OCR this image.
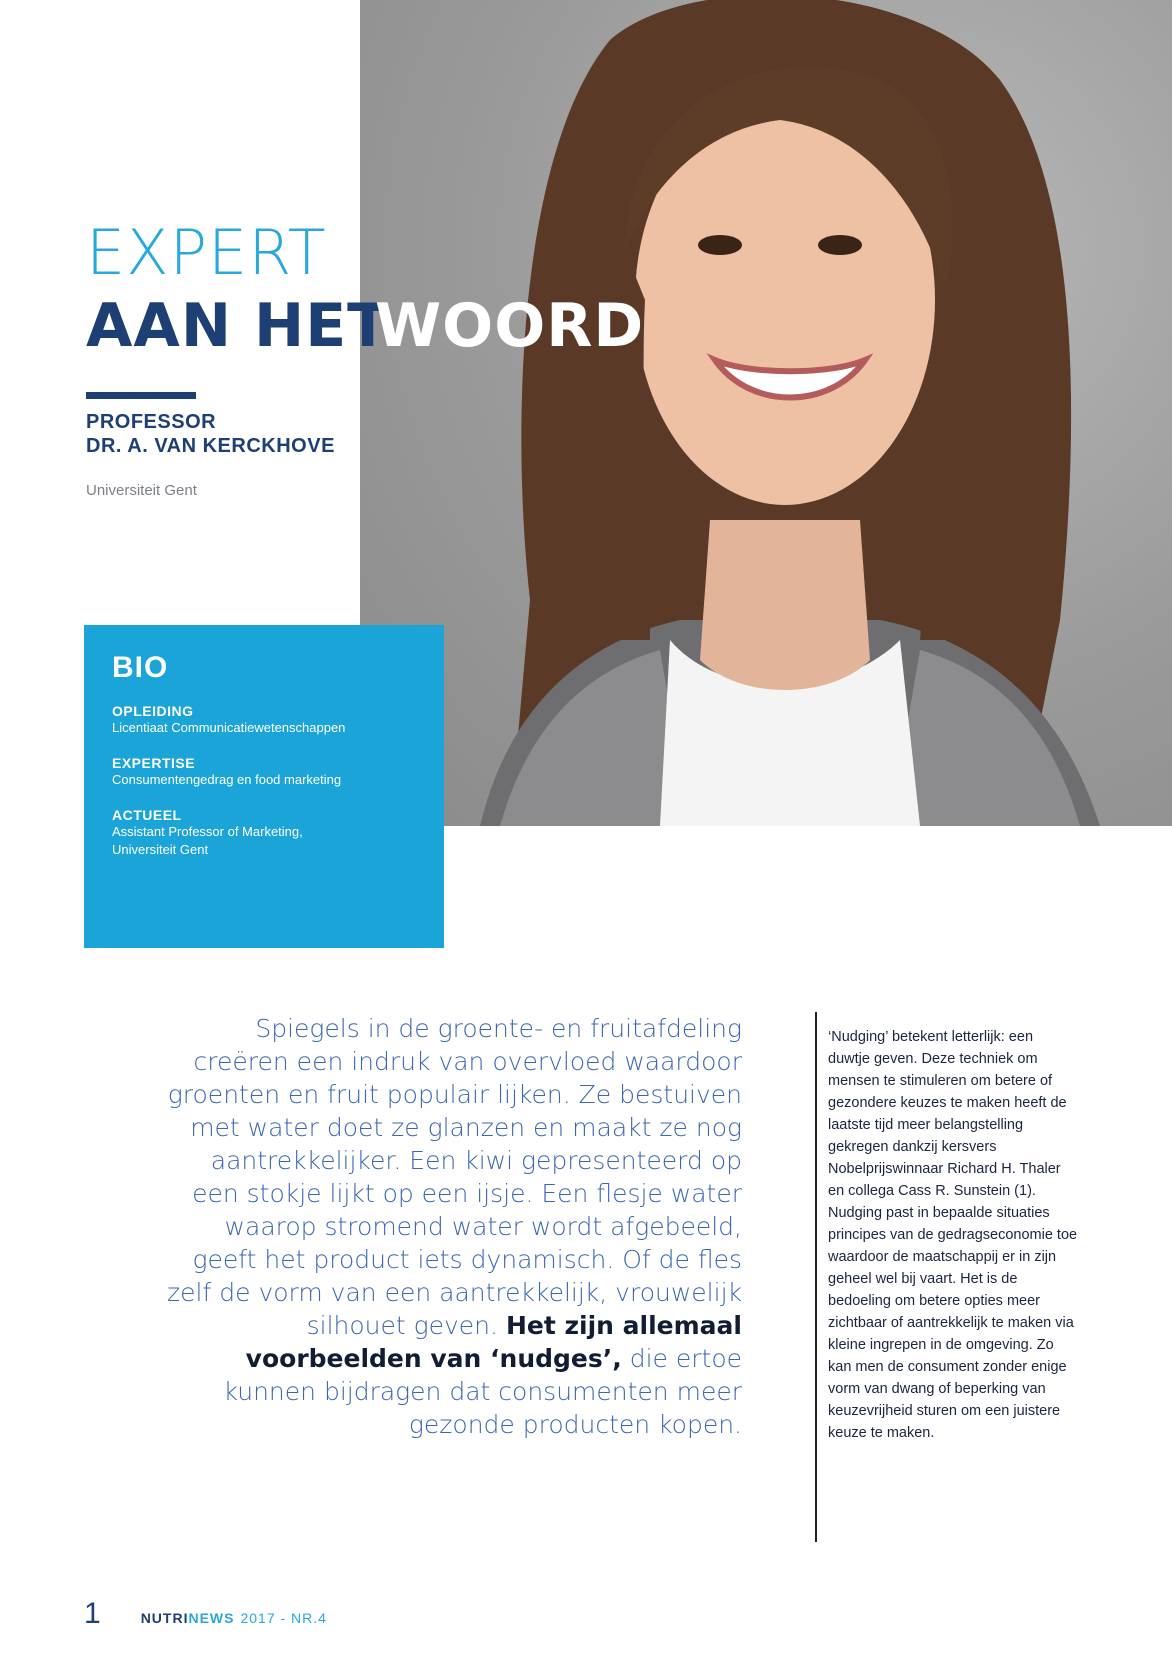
EXPERT
AAN HET
WOORD
PROFESSOR
DR. A. VAN KERCKHOVE
Universiteit Gent
BIO
OPLEIDING
Licentiaat Communicatiewetenschappen
EXPERTISE
Consumentengedrag en food marketing
ACTUEEL
Assistant Professor of Marketing, Universiteit Gent
Spiegels in de groente- en fruitafdeling creëren een indruk van overvloed waardoor groenten en fruit populair lijken. Ze bestuiven met water doet ze glanzen en maakt ze nog aantrekkelijker. Een kiwi gepresenteerd op een stokje lijkt op een ijsje. Een flesje water waarop stromend water wordt afgebeeld, geeft het product iets dynamisch. Of de fles zelf de vorm van een aantrekkelijk, vrouwelijk silhouet geven. Het zijn allemaal voorbeelden van ‘nudges’, die ertoe kunnen bijdragen dat consumenten meer gezonde producten kopen.
‘Nudging’ betekent letterlijk: een duwtje geven. Deze techniek om mensen te stimuleren om betere of gezondere keuzes te maken heeft de laatste tijd meer belangstelling gekregen dankzij kersvers Nobelprijswinnaar Richard H. Thaler en collega Cass R. Sunstein (1). Nudging past in bepaalde situaties principes van de gedragseconomie toe waardoor de maatschappij er in zijn geheel wel bij vaart. Het is de bedoeling om betere opties meer zichtbaar of aantrekkelijk te maken via kleine ingrepen in de omgeving. Zo kan men de consument zonder enige vorm van dwang of beperking van keuzevrijheid sturen om een juistere keuze te maken.
1	NUTRI NEWS 2017 - NR.4
